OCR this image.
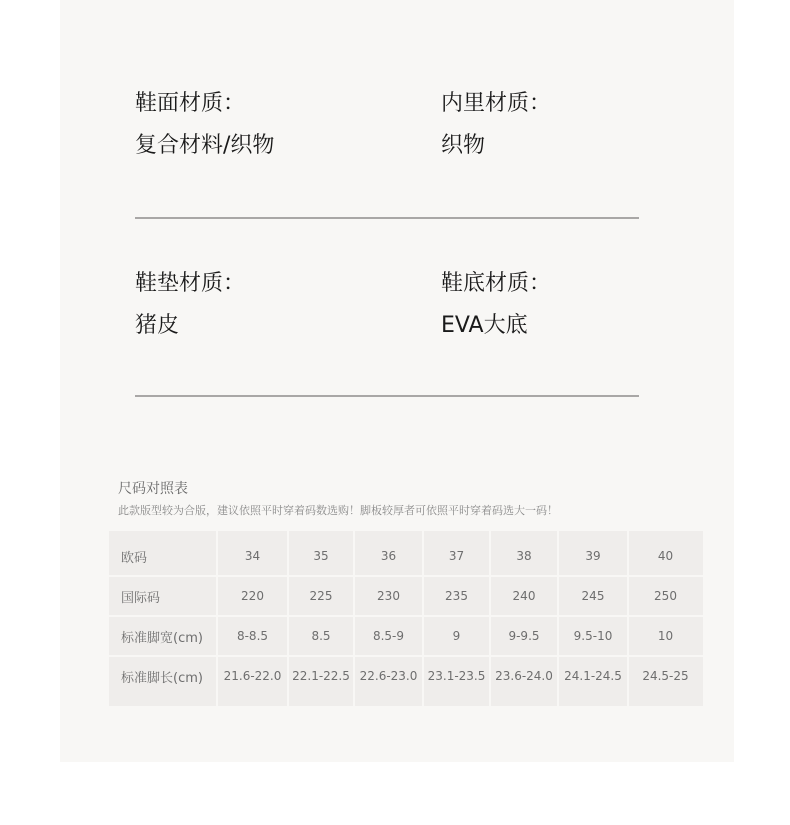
鞋面材质：
复合材料/织物
内里材质：
织物
鞋垫材质：
猪皮
鞋底材质：
EVA大底
尺码对照表
此款版型较为合版，建议依照平时穿着码数选购！脚板较厚者可依照平时穿着码选大一码！
欧码	34	35	36	37	38	39	40
国际码	220	225	230	235	240	245	250
标准脚宽(cm)	8-8.5	8.5	8.5-9	9	9-9.5	9.5-10	10
标准脚长(cm)	21.6-22.0 22.1-22.5 22.6-23.0 23.1-23.5 23.6-24.0 24.1-24.5	24.5-25
